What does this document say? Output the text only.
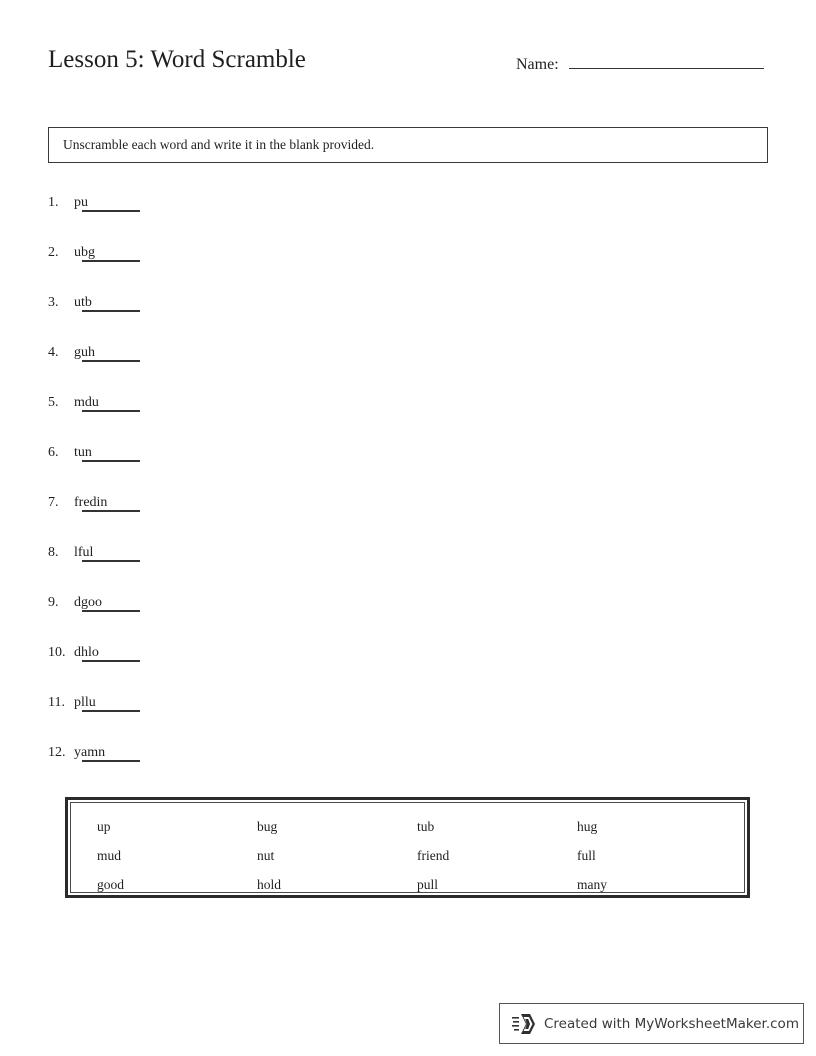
Lesson 5: Word Scramble	Name:
Unscramble each word and write it in the blank provided.
1.	pu
2.	ubg
3.	utb
4.	guh
5.	mdu
6.	tun
7.	fredin
8.	lful
9.	dgoo
10. dhlo
11. pllu
12. yamn
up	bug	tub	hug
mud	nut	friend	full
good	hold	pull	many
Created with MyWorksheetMaker.com
